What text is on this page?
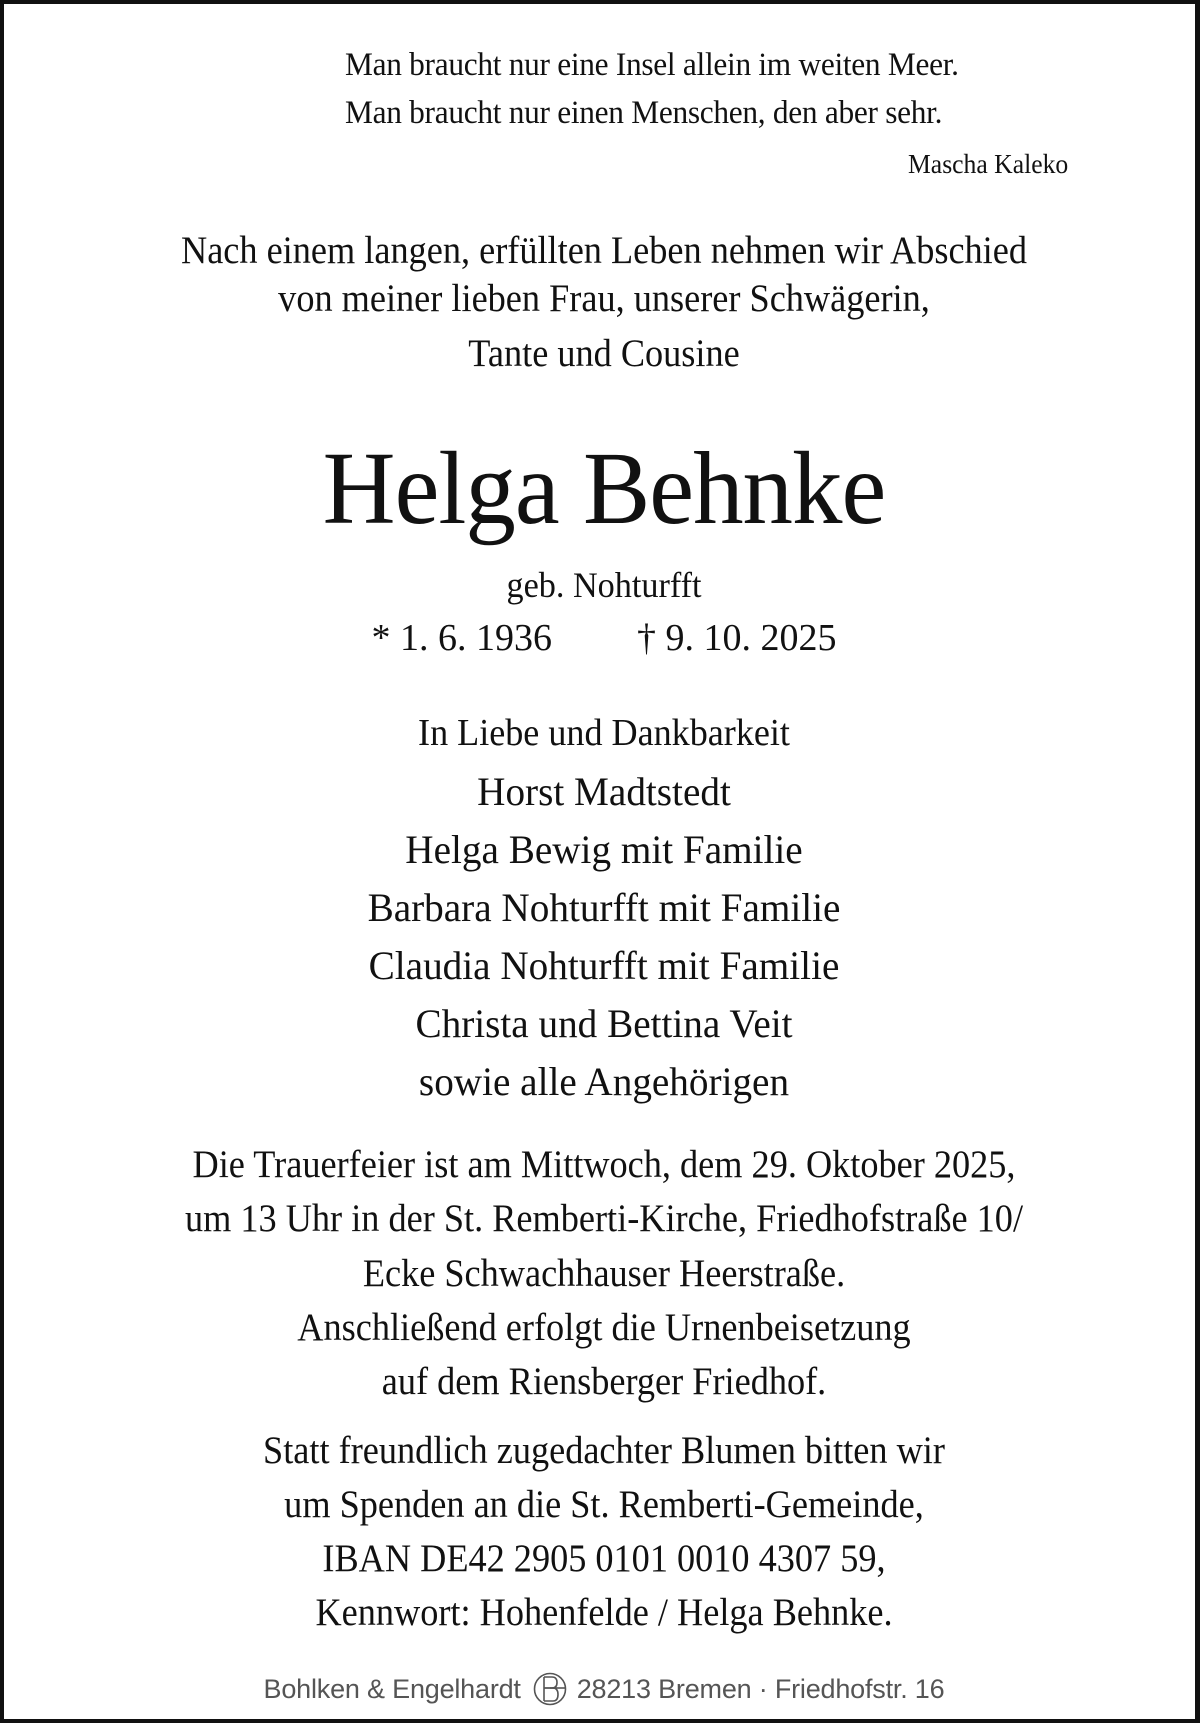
Man braucht nur eine Insel allein im weiten Meer.
Man braucht nur einen Menschen, den aber sehr.
Mascha Kaleko
Nach einem langen, erfüllten Leben nehmen wir Abschied
von meiner lieben Frau, unserer Schwägerin,
Tante und Cousine
Helga Behnke
geb. Nohturfft
* 1. 6. 1936 † 9. 10. 2025
In Liebe und Dankbarkeit
Horst Madtstedt
Helga Bewig mit Familie
Barbara Nohturfft mit Familie
Claudia Nohturfft mit Familie
Christa und Bettina Veit
sowie alle Angehörigen
Die Trauerfeier ist am Mittwoch, dem 29. Oktober 2025,
um 13 Uhr in der St. Remberti-Kirche, Friedhofstraße 10/
Ecke Schwachhauser Heerstraße.
Anschließend erfolgt die Urnenbeisetzung
auf dem Riensberger Friedhof.
Statt freundlich zugedachter Blumen bitten wir
um Spenden an die St. Remberti-Gemeinde,
IBAN DE42 2905 0101 0010 4307 59,
Kennwort: Hohenfelde / Helga Behnke.
Bohlken & Engelhardt 28213 Bremen · Friedhofstr. 16
